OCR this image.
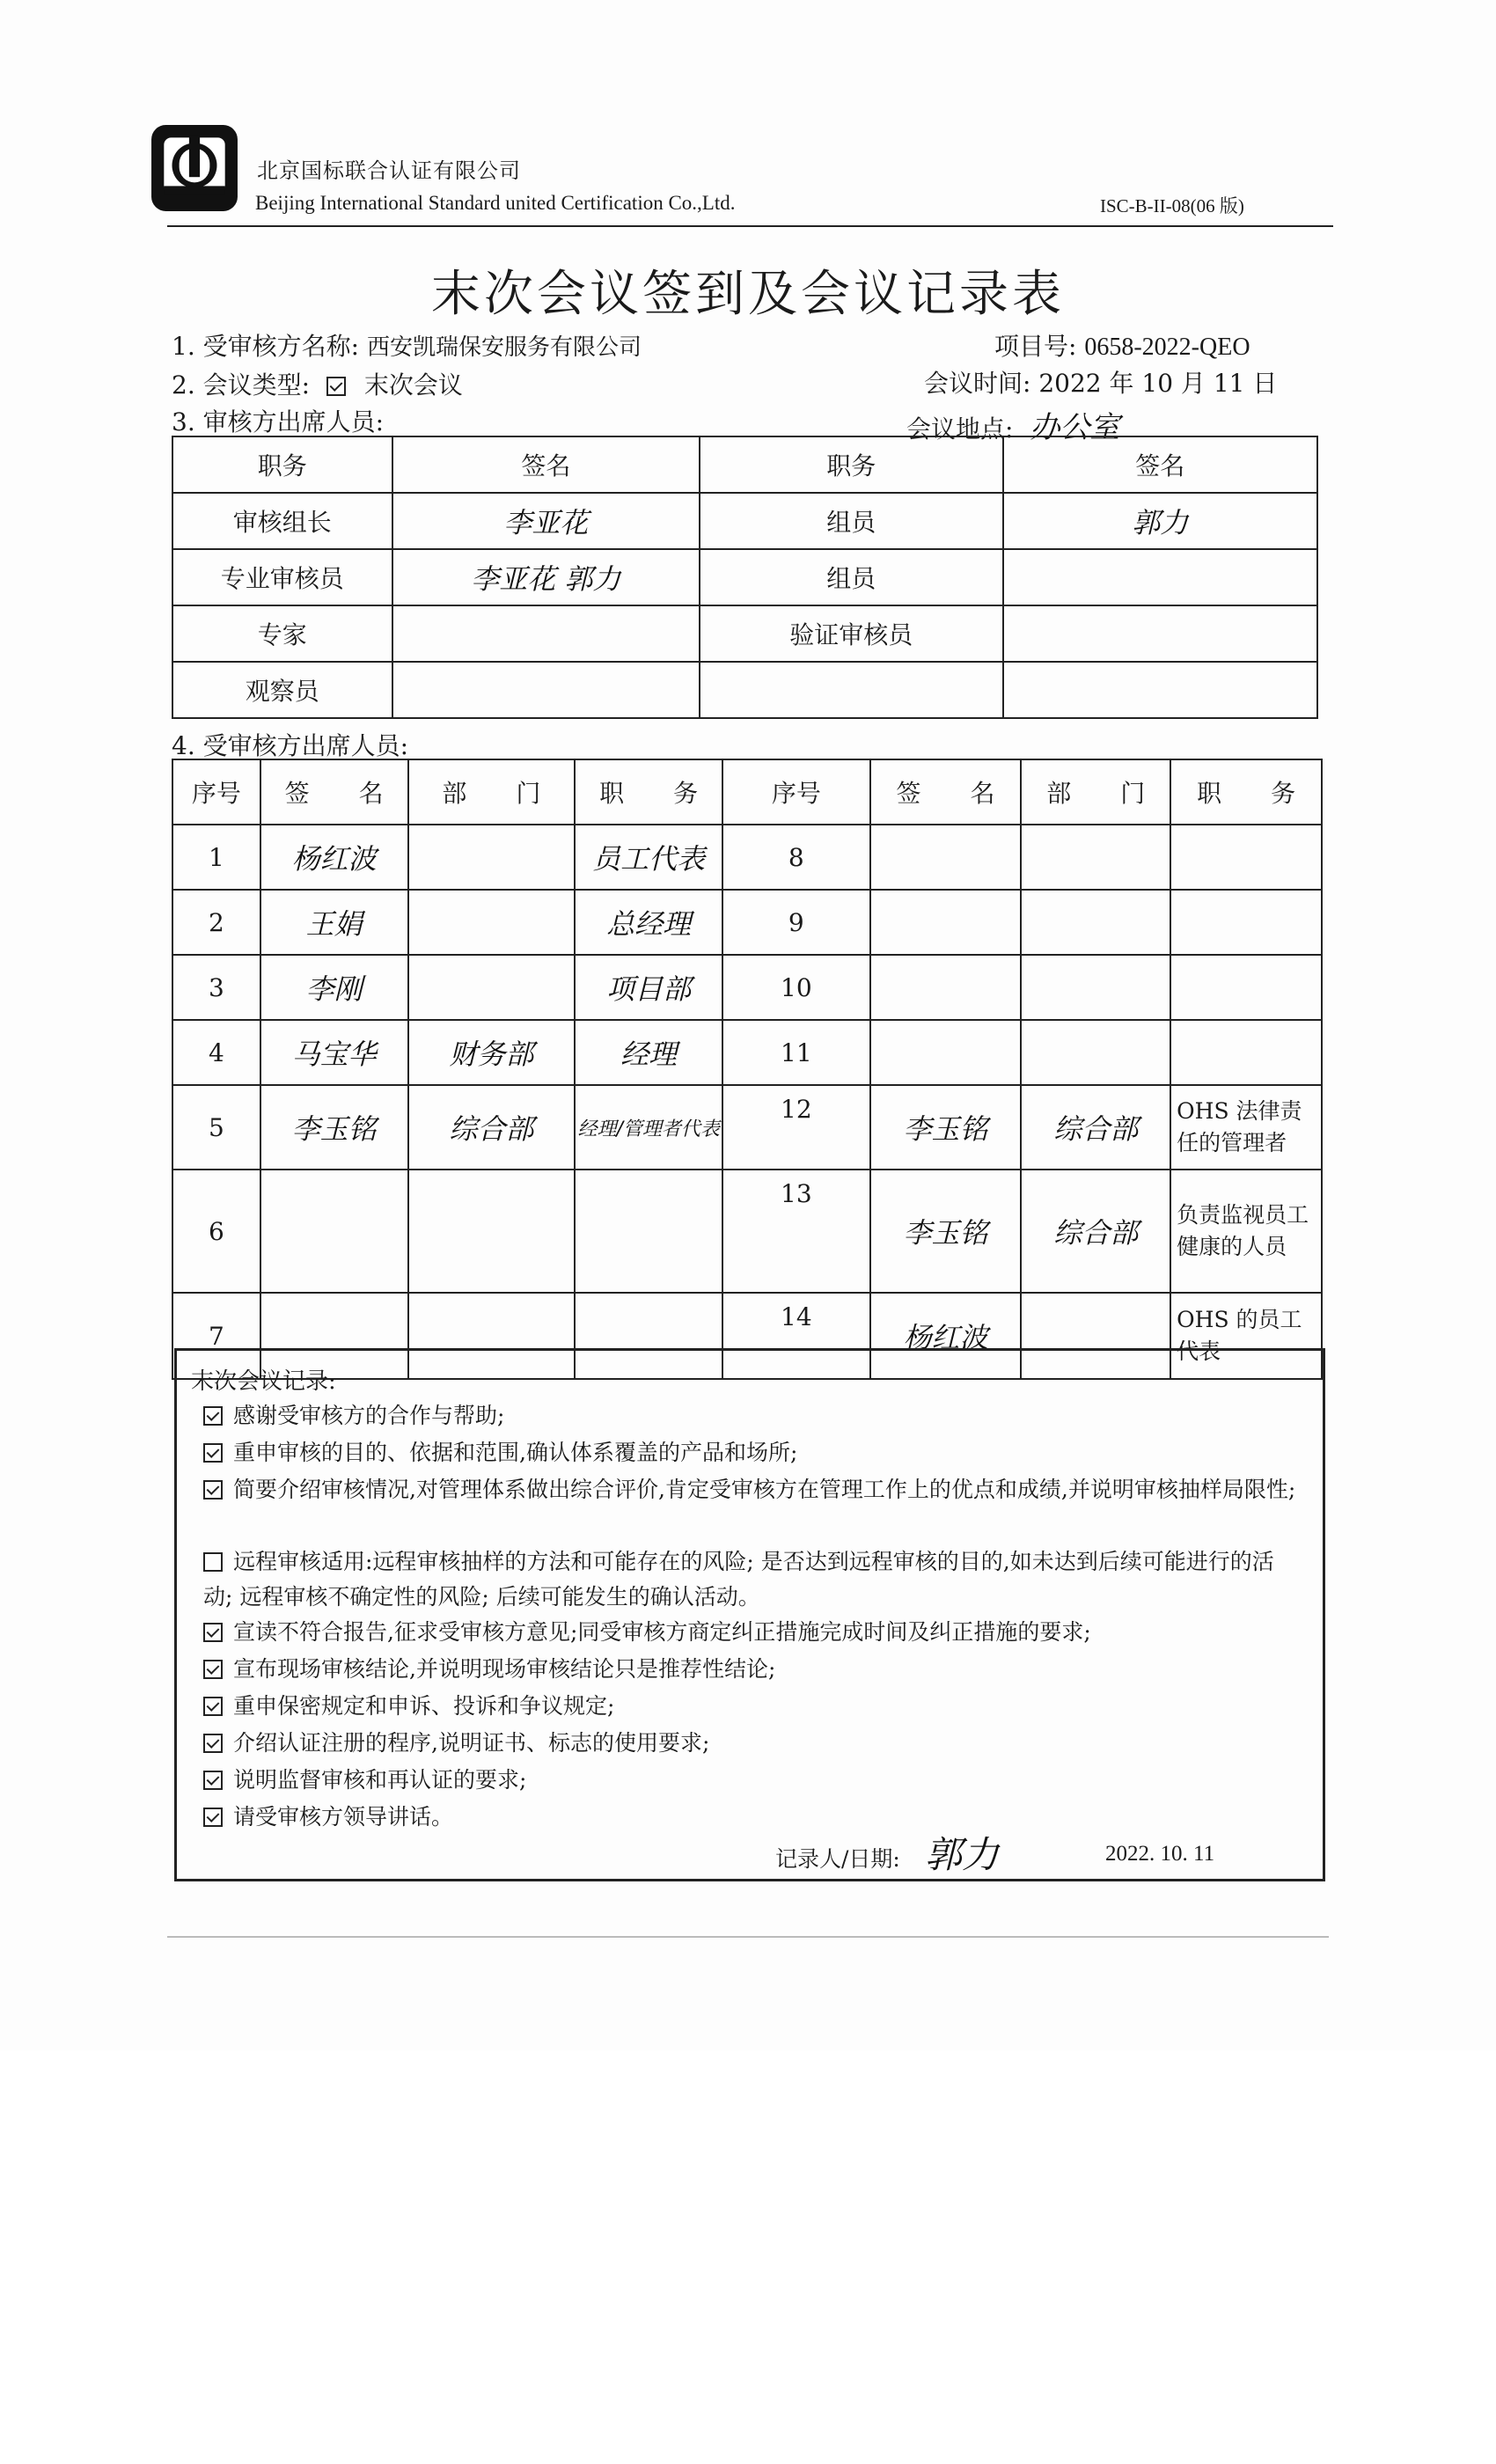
北京国标联合认证有限公司
Beijing International Standard united Certification Co.,Ltd.	ISC-B-II-08(06 版)
末次会议签到及会议记录表
1. 受审核方名称: 西安凯瑞保安服务有限公司	项目号: 0658-2022-QEO
2. 会议类型: 末次会议	会议时间: 2022 年 10 月 11 日
3. 审核方出席人员:	会议地点: 办公室
职务	签名	职务	签名
审核组长	李亚花	组员	郭力
专业审核员	李亚花 郭力	组员	
专家		验证审核员	
观察员			
4. 受审核方出席人员:
序号	签　　名	部　　门	职　　务	序号	签　　名	部　　门	职　　务
1	杨红波		员工代表	8			
2	王娟		总经理	9			
3	李刚		项目部	10			
4	马宝华	财务部	经理	11			
5	李玉铭	综合部	经理/管理者代表	12	李玉铭	综合部	OHS 法律责任的管理者
6				13	李玉铭	综合部	负责监视员工健康的人员
7				14	杨红波		OHS 的员工代表
末次会议记录:
感谢受审核方的合作与帮助;
重申审核的目的、依据和范围,确认体系覆盖的产品和场所;
简要介绍审核情况,对管理体系做出综合评价,肯定受审核方在管理工作上的优点和成绩,并说明审核抽样局限性;
远程审核适用:远程审核抽样的方法和可能存在的风险; 是否达到远程审核的目的,如未达到后续可能进行的活动; 远程审核不确定性的风险; 后续可能发生的确认活动。
宣读不符合报告,征求受审核方意见;同受审核方商定纠正措施完成时间及纠正措施的要求;
宣布现场审核结论,并说明现场审核结论只是推荐性结论;
重申保密规定和申诉、投诉和争议规定;
介绍认证注册的程序,说明证书、标志的使用要求;
说明监督审核和再认证的要求;
请受审核方领导讲话。
记录人/日期: 郭力	2022. 10. 11
